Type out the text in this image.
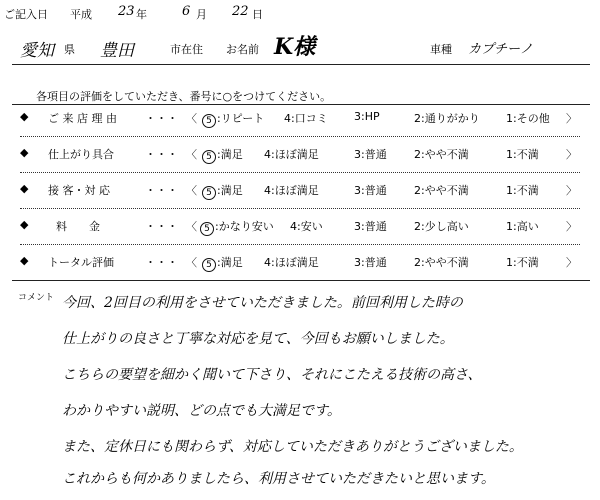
ご記入日 平成 23 年	6 月 22 日
愛知 県 豊田	市在住 お名前 K様	車種 カプチーノ
各項目の評価をしていただき、番号に○をつけてください。
◆ ご 来 店 理 由	・・・ 〈	5 :リピート 4:口コミ 3:HP	2:通りがかり 1:その他 〉
◆ 仕上がり具合	・・・ 〈	5 :満足 4:ほぼ満足	3:普通 2:やや不満	1:不満 〉
◆ 接 客・対 応	・・・ 〈	5 :満足 4:ほぼ満足	3:普通 2:やや不満	1:不満 〉
◆	料　　金	・・・ 〈 5 :かなり安い 4:安い	3:普通 2:少し高い	1:高い 〉
◆ トータル評価	・・・ 〈	5 :満足 4:ほぼ満足	3:普通 2:やや不満	1:不満 〉
コメント 今回、2回目の利用をさせていただきました。前回利用した時の
仕上がりの良さと丁寧な対応を見て、今回もお願いしました。
こちらの要望を細かく聞いて下さり、それにこたえる技術の高さ、
わかりやすい説明、どの点でも大満足です。
また、定休日にも関わらず、対応していただきありがとうございました。
これからも何かありましたら、利用させていただきたいと思います。
